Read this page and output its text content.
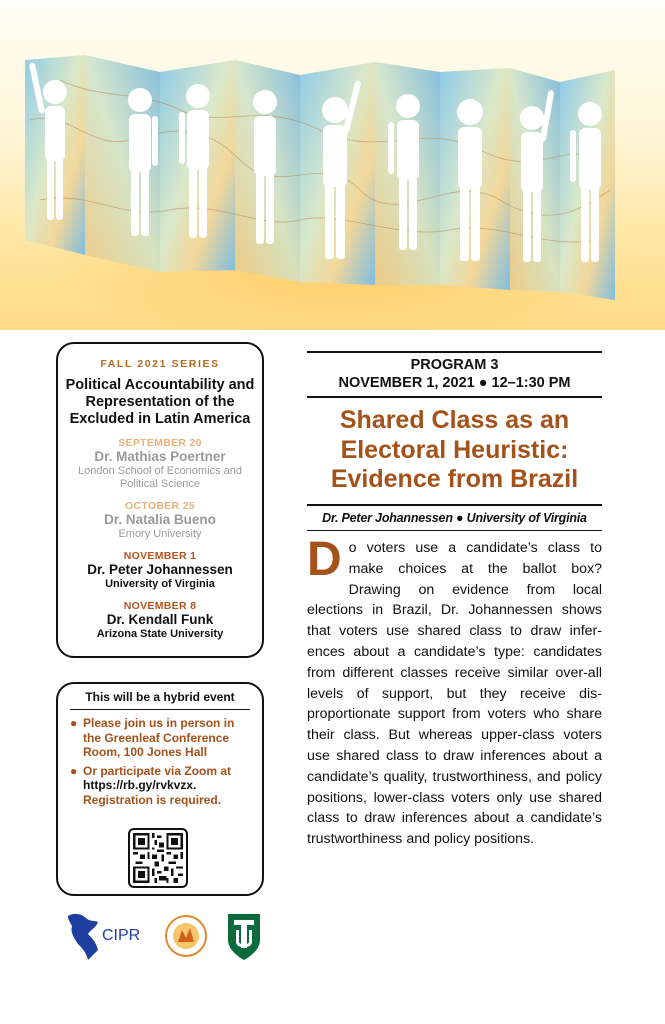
FALL 2021 SERIES
Political Accountability and Representation of the Excluded in Latin America
SEPTEMBER 20
Dr. Mathias Poertner
London School of Economics and Political Science
OCTOBER 25
Dr. Natalia Bueno
Emory University
NOVEMBER 1
Dr. Peter Johannessen
University of Virginia
NOVEMBER 8
Dr. Kendall Funk
Arizona State University
This will be a hybrid event
● Please join us in person in the Greenleaf Conference Room, 100 Jones Hall
● Or participate via Zoom at https://rb.gy/rvkvzx. Registration is required.
CIPR
PROGRAM 3
NOVEMBER 1, 2021 ● 12–1:30 PM
Shared Class as an Electoral Heuristic: Evidence from Brazil
Dr. Peter Johannessen ● University of Virginia
D o voters use a candidate’s class to make choices at the ballot box? Drawing on evidence from local elections in Brazil, Dr. Johannessen shows that voters use shared class to draw infer-ences about a candidate’s type: candidates from different classes receive similar over-all levels of support, but they receive dis-proportionate support from voters who share their class. But whereas upper-class voters use shared class to draw inferences about a candidate’s quality, trustworthiness, and policy positions, lower-class voters only use shared class to draw inferences about a candidate’s trustworthiness and policy positions.
